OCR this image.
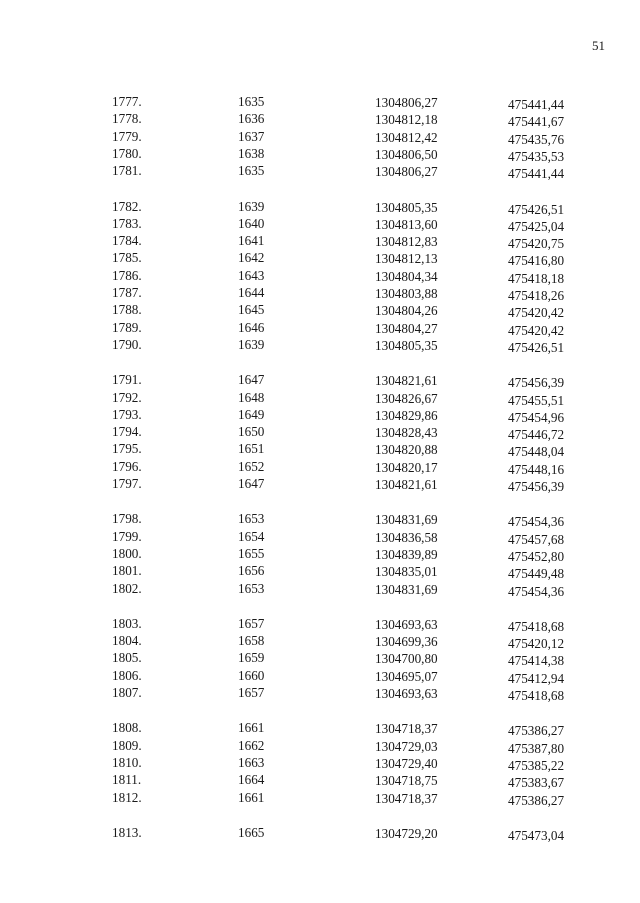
51
1777.	1635	1304806,27	475441,44
1778.	1636	1304812,18	475441,67
1779.	1637	1304812,42	475435,76
1780.	1638	1304806,50	475435,53
1781.	1635	1304806,27	475441,44
1782.	1639	1304805,35	475426,51
1783.	1640	1304813,60	475425,04
1784.	1641	1304812,83	475420,75
1785.	1642	1304812,13	475416,80
1786.	1643	1304804,34	475418,18
1787.	1644	1304803,88	475418,26
1788.	1645	1304804,26	475420,42
1789.	1646	1304804,27	475420,42
1790.	1639	1304805,35	475426,51
1791.	1647	1304821,61	475456,39
1792.	1648	1304826,67	475455,51
1793.	1649	1304829,86	475454,96
1794.	1650	1304828,43	475446,72
1795.	1651	1304820,88	475448,04
1796.	1652	1304820,17	475448,16
1797.	1647	1304821,61	475456,39
1798.	1653	1304831,69	475454,36
1799.	1654	1304836,58	475457,68
1800.	1655	1304839,89	475452,80
1801.	1656	1304835,01	475449,48
1802.	1653	1304831,69	475454,36
1803.	1657	1304693,63	475418,68
1804.	1658	1304699,36	475420,12
1805.	1659	1304700,80	475414,38
1806.	1660	1304695,07	475412,94
1807.	1657	1304693,63	475418,68
1808.	1661	1304718,37	475386,27
1809.	1662	1304729,03	475387,80
1810.	1663	1304729,40	475385,22
1811.	1664	1304718,75	475383,67
1812.	1661	1304718,37	475386,27
1813.	1665	1304729,20	475473,04
